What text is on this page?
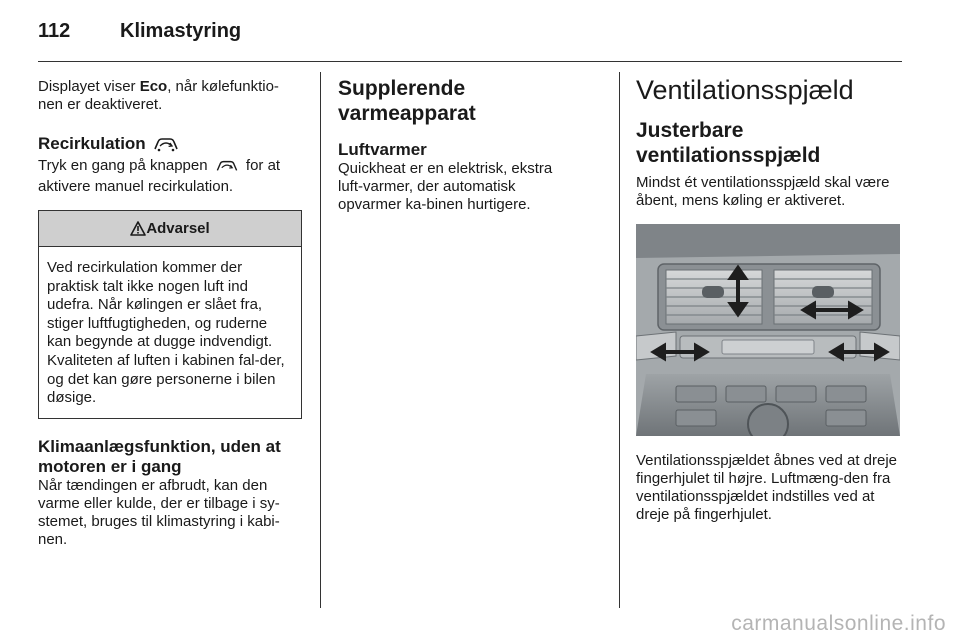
112	Klimastyring

Displayet viser Eco, når kølefunktio-nen er deaktiveret.

Recirkulation

Tryk en gang på knappen  for at aktivere manuel recirkulation.

Advarsel

Ved recirkulation kommer der praktisk talt ikke nogen luft ind udefra. Når kølingen er slået fra, stiger luftfugtigheden, og ruderne kan begynde at dugge indvendigt. Kvaliteten af luften i kabinen fal-der, og det kan gøre personerne i bilen døsige.

Klimaanlægsfunktion, uden at motoren er i gang

Når tændingen er afbrudt, kan den varme eller kulde, der er tilbage i sy-stemet, bruges til klimastyring i kabi-nen.

Supplerende varmeapparat
Luftvarmer

Quickheat er en elektrisk, ekstra luft-varmer, der automatisk opvarmer ka-binen hurtigere.

Ventilationsspjæld
Justerbare ventilationsspjæld

Mindst ét ventilationsspjæld skal være åbent, mens køling er aktiveret.

Ventilationsspjældet åbnes ved at dreje fingerhjulet til højre. Luftmæng-den fra ventilationsspjældet indstilles ved at dreje på fingerhjulet.

carmanualsonline.info
